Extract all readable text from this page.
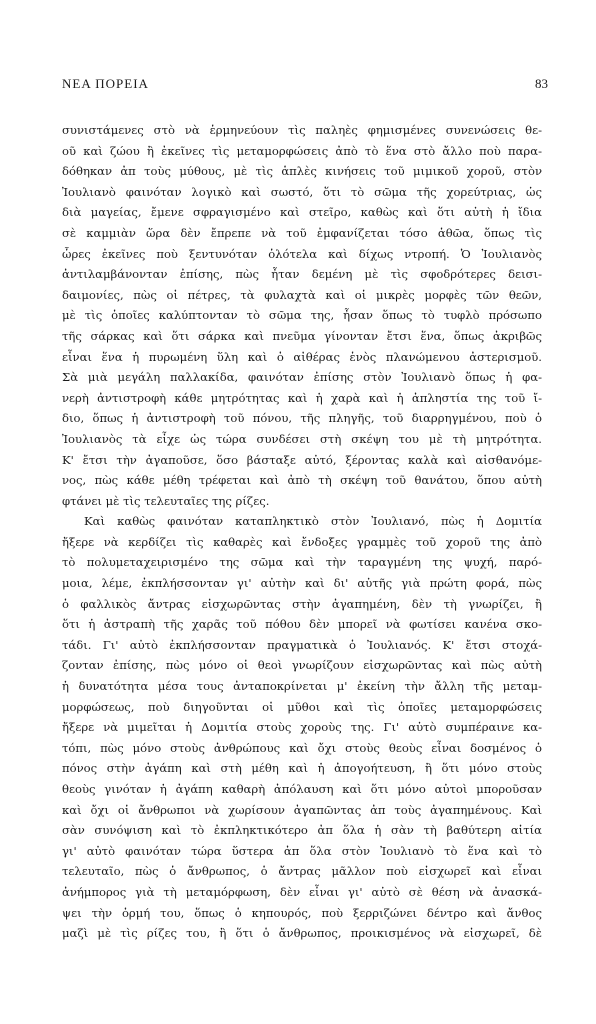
ΝΕΑ ΠΟΡΕΙΑ	83
συνιστάμενες στὸ νὰ ἑρμηνεύουν τὶς παληὲς φημισμένες συνενώσεις θε-
οῦ καὶ ζώου ἢ ἐκεῖνες τὶς μεταμορφώσεις ἀπὸ τὸ ἕνα στὸ ἄλλο ποὺ παρα-
δόθηκαν ἀπ τοὺς μύθους, μὲ τὶς ἁπλὲς κινήσεις τοῦ μιμικοῦ χοροῦ, στὸν
Ἰουλιανὸ φαινόταν λογικὸ καὶ σωστό, ὅτι τὸ σῶμα τῆς χορεύτριας, ὡς
διὰ μαγείας, ἔμενε σφραγισμένο καὶ στεῖρο, καθὼς καὶ ὅτι αὐτὴ ἡ ἴδια
σὲ καμμιὰν ὥρα δὲν ἔπρεπε νὰ τοῦ ἐμφανίζεται τόσο ἁθῶα, ὅπως τὶς
ὧρες ἐκεῖνες ποὺ ξεντυνόταν ὁλότελα καὶ δίχως ντροπή. Ὁ Ἰουλιανὸς
ἀντιλαμβάνονταν ἐπίσης, πὼς ἦταν δεμένη μὲ τὶς σφοδρότερες δεισι-
δαιμονίες, πὼς οἱ πέτρες, τὰ φυλαχτὰ καὶ οἱ μικρὲς μορφὲς τῶν θεῶν,
μὲ τὶς ὁποῖες καλύπτονταν τὸ σῶμα της, ἦσαν ὅπως τὸ τυφλὸ πρόσωπο
τῆς σάρκας καὶ ὅτι σάρκα καὶ πνεῦμα γίνονταν ἔτσι ἕνα, ὅπως ἀκριβῶς
εἶναι ἕνα ἡ πυρωμένη ὕλη καὶ ὁ αἰθέρας ἑνὸς πλανώμενου ἀστερισμοῦ.
Σὰ μιὰ μεγάλη παλλακίδα, φαινόταν ἐπίσης στὸν Ἰουλιανὸ ὅπως ἡ φα-
νερὴ ἀντιστροφὴ κάθε μητρότητας καὶ ἡ χαρὰ καὶ ἡ ἀπληστία της τοῦ ἴ-
διο, ὅπως ἡ ἀντιστροφὴ τοῦ πόνου, τῆς πληγῆς, τοῦ διαρρηγμένου, ποὺ ὁ
Ἰουλιανὸς τὰ εἶχε ὡς τώρα συνδέσει στὴ σκέψη του μὲ τὴ μητρότητα.
Κ' ἔτσι τὴν ἀγαποῦσε, ὅσο βάσταξε αὐτό, ξέροντας καλὰ καὶ αἰσθανόμε-
νος, πὼς κάθε μέθη τρέφεται καὶ ἀπὸ τὴ σκέψη τοῦ θανάτου, ὅπου αὐτὴ
φτάνει μὲ τὶς τελευταῖες της ρίζες.
Καὶ καθὼς φαινόταν καταπληκτικὸ στὸν Ἰουλιανό, πὼς ἡ Δομιτία
ἤξερε νὰ κερδίζει τὶς καθαρὲς καὶ ἔνδοξες γραμμὲς τοῦ χοροῦ της ἀπὸ
τὸ πολυμεταχειρισμένο της σῶμα καὶ τὴν ταραγμένη της ψυχή, παρό-
μοια, λέμε, ἐκπλήσσονταν γι' αὐτὴν καὶ δι' αὐτῆς γιὰ πρώτη φορά, πὼς
ὁ φαλλικὸς ἄντρας εἰσχωρῶντας στὴν ἀγαπημένη, δὲν τὴ γνωρίζει, ἢ
ὅτι ἡ ἀστραπὴ τῆς χαρᾶς τοῦ πόθου δὲν μπορεῖ νὰ φωτίσει κανένα σκο-
τάδι. Γι' αὐτὸ ἐκπλήσσονταν πραγματικὰ ὁ Ἰουλιανός. Κ' ἔτσι στοχά-
ζονταν ἐπίσης, πὼς μόνο οἱ θεοὶ γνωρίζουν εἰσχωρῶντας καὶ πὼς αὐτὴ
ἡ δυνατότητα μέσα τους ἀνταποκρίνεται μ' ἐκείνη τὴν ἄλλη τῆς μεταμ-
μορφώσεως, ποὺ διηγοῦνται οἱ μῦθοι καὶ τὶς ὁποῖες μεταμορφώσεις
ἤξερε νὰ μιμεῖται ἡ Δομιτία στοὺς χοροὺς της. Γι' αὐτὸ συμπέραινε κα-
τόπι, πὼς μόνο στοὺς ἀνθρώπους καὶ ὄχι στοὺς θεοὺς εἶναι δοσμένος ὁ
πόνος στὴν ἀγάπη καὶ στὴ μέθη καὶ ἡ ἀπογοήτευση, ἢ ὅτι μόνο στοὺς
θεοὺς γινόταν ἡ ἀγάπη καθαρὴ ἀπόλαυση καὶ ὅτι μόνο αὐτοὶ μποροῦσαν
καὶ ὄχι οἱ ἄνθρωποι νὰ χωρίσουν ἀγαπῶντας ἀπ τοὺς ἀγαπημένους. Καὶ
σὰν συνόψιση καὶ τὸ ἐκπληκτικότερο ἀπ ὅλα ἡ σὰν τὴ βαθύτερη αἰτία
γι' αὐτὸ φαινόταν τώρα ὕστερα ἀπ ὅλα στὸν Ἰουλιανὸ τὸ ἕνα καὶ τὸ
τελευταῖο, πὼς ὁ ἄνθρωπος, ὁ ἄντρας μᾶλλον ποὺ εἰσχωρεῖ καὶ εἶναι
ἀνήμπορος γιὰ τὴ μεταμόρφωση, δὲν εἶναι γι' αὐτὸ σὲ θέση νὰ ἀνασκά-
ψει τὴν ὁρμή του, ὅπως ὁ κηπουρός, ποὺ ξερριζώνει δέντρο καὶ ἄνθος
μαζὶ μὲ τὶς ρίζες του, ἢ ὅτι ὁ ἄνθρωπος, προικισμένος νὰ εἰσχωρεῖ, δὲ
